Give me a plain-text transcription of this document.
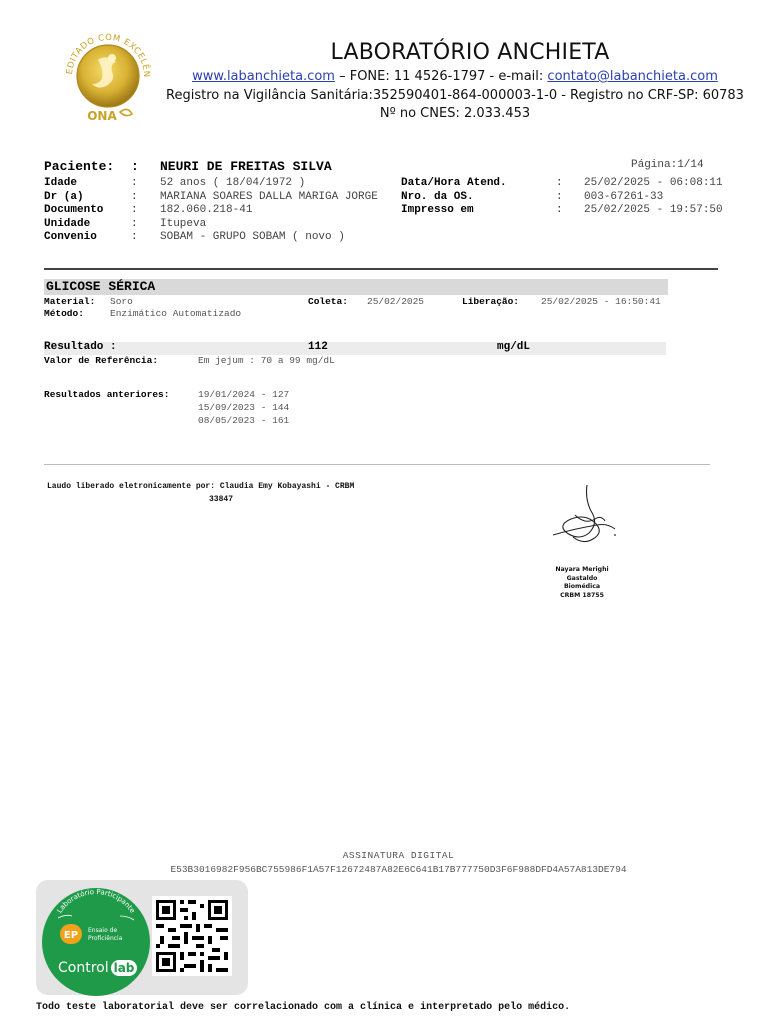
EDITADO COM EXCELÊN
ONA
LABORATÓRIO ANCHIETA
www.labanchieta.com – FONE: 11 4526-1797 - e-mail: contato@labanchieta.com
Registro na Vigilância Sanitária:352590401-864-000003-1-0 - Registro no CRF-SP: 60783
Nº no CNES: 2.033.453
Paciente: : NEURI DE FREITAS SILVA	Página:1/14
Idade	: 52 anos ( 18/04/1972 )
Dr (a)	: MARIANA SOARES DALLA MARIGA JORGE
Documento	: 182.060.218-41
Unidade	: Itupeva
Convenio	: SOBAM - GRUPO SOBAM ( novo )
Data/Hora Atend.	: 25/02/2025 - 06:08:11
Nro. da OS.	: 003-67261-33
Impresso em	: 25/02/2025 - 19:57:50
GLICOSE SÉRICA
Material: Soro	Coleta: 25/02/2025	Liberação: 25/02/2025 - 16:50:41
Método:	Enzimático Automatizado
Resultado :	112	mg/dL
Valor de Referência:	Em jejum : 70 a 99 mg/dL
Resultados anteriores:	19/01/2024 - 127
15/09/2023 - 144
08/05/2023 - 161
Laudo liberado eletronicamente por: Claudia Emy Kobayashi - CRBM
33847
Nayara Merighi Gastaldo
Biomédica
CRBM 18755
ASSINATURA DIGITAL
E53B3016982F956BC755986F1A57F12672487A82E6C641B17B777750D3F6F988DFD4A57A813DE794
Laboratório Participante
EP Ensaio de
Proficiência
Control lab
Todo teste laboratorial deve ser correlacionado com a clínica e interpretado pelo médico.
